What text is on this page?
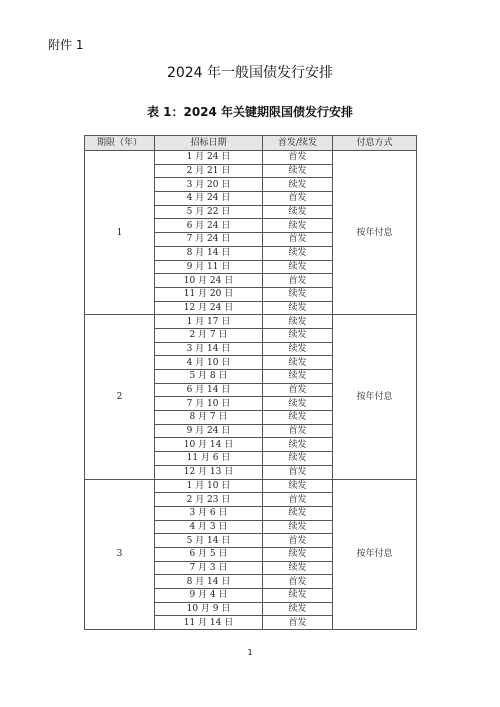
附件 1
2024 年一般国债发行安排
表 1：2024 年关键期限国债发行安排
期限（年）	招标日期	首发/续发	付息方式
1	1 月 24 日	首发	按年付息
	2 月 21 日	续发	
	3 月 20 日	续发	
	4 月 24 日	首发	
	5 月 22 日	续发	
	6 月 24 日	续发	
	7 月 24 日	首发	
	8 月 14 日	续发	
	9 月 11 日	续发	
	10 月 24 日	首发	
	11 月 20 日	续发	
	12 月 24 日	续发	
2	1 月 17 日	续发	按年付息
	2 月 7 日	续发	
	3 月 14 日	续发	
	4 月 10 日	续发	
	5 月 8 日	续发	
	6 月 14 日	首发	
	7 月 10 日	续发	
	8 月 7 日	续发	
	9 月 24 日	首发	
	10 月 14 日	续发	
	11 月 6 日	续发	
	12 月 13 日	首发	
3	1 月 10 日	续发	按年付息
	2 月 23 日	首发	
	3 月 6 日	续发	
	4 月 3 日	续发	
	5 月 14 日	首发	
	6 月 5 日	续发	
	7 月 3 日	续发	
	8 月 14 日	首发	
	9 月 4 日	续发	
	10 月 9 日	续发	
	11 月 14 日	首发	
1
